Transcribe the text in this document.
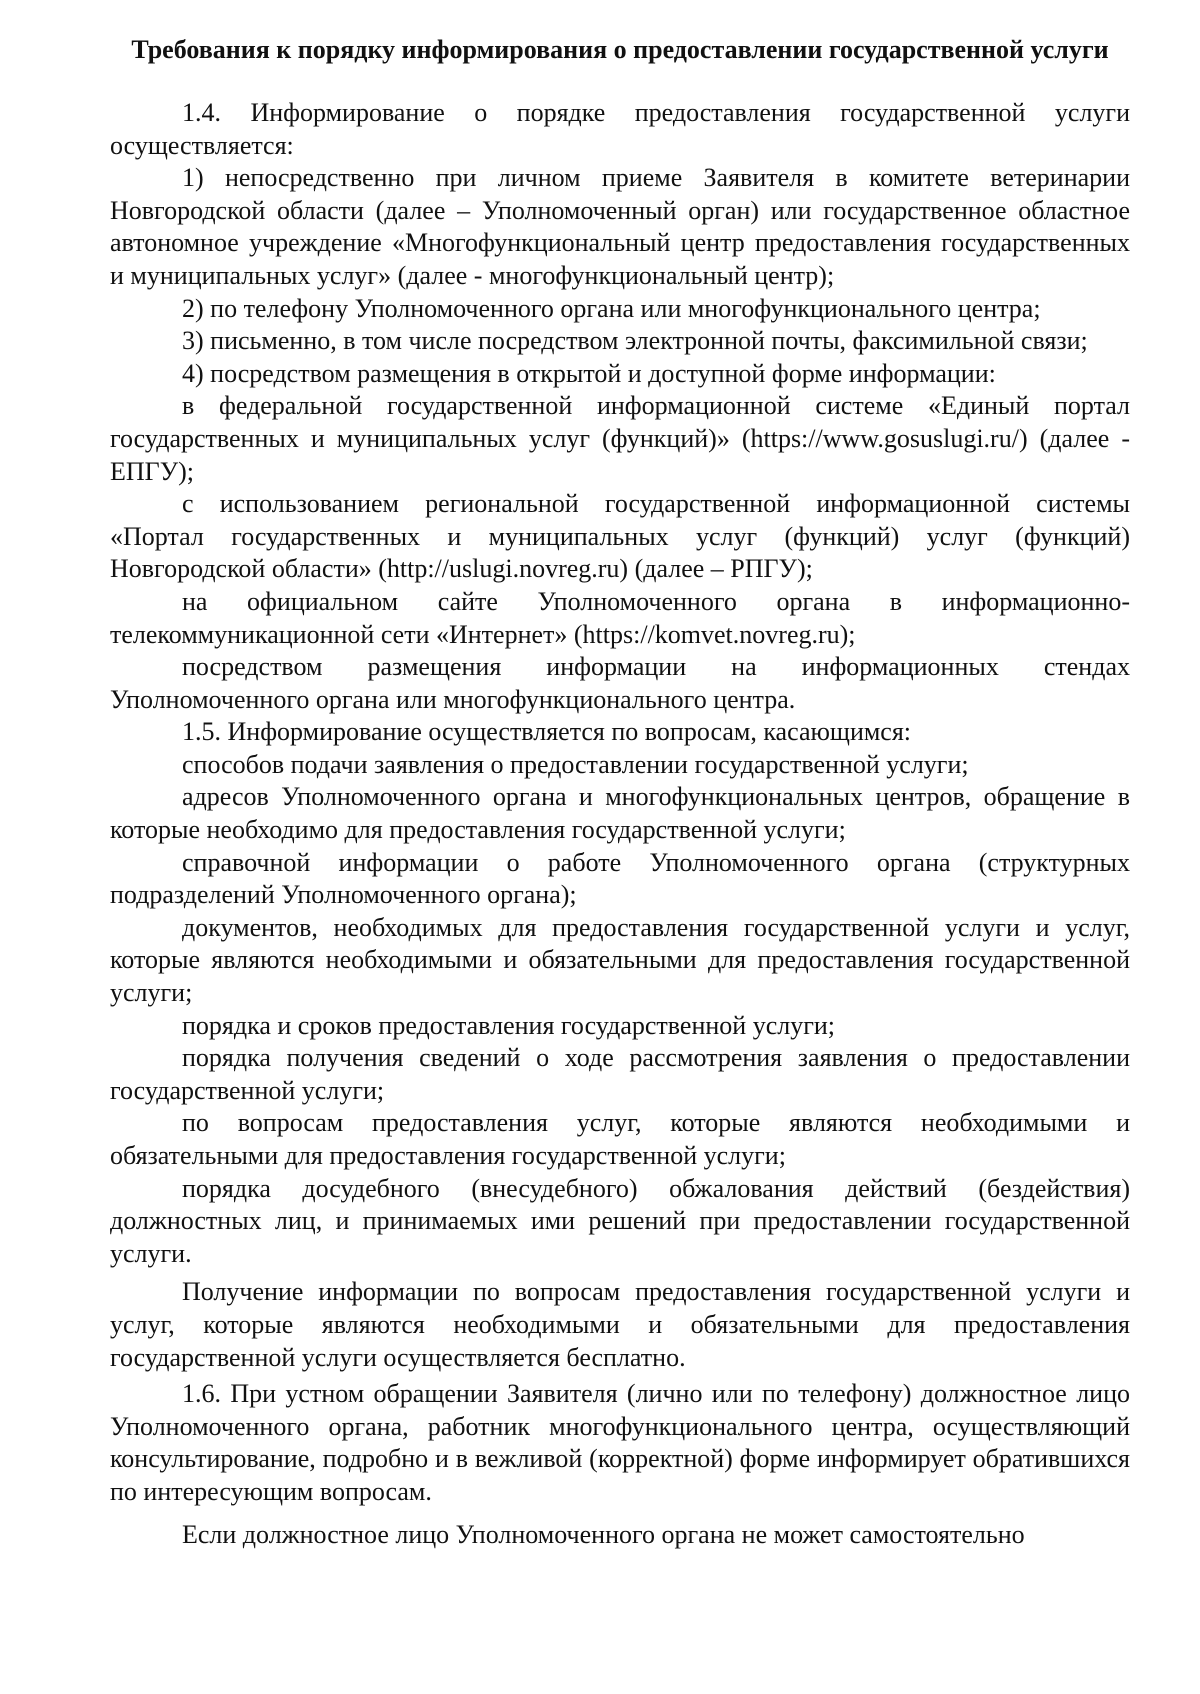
Требования к порядку информирования о предоставлении государственной услуги

1.4. Информирование о порядке предоставления государственной услуги осуществляется:

1) непосредственно при личном приеме Заявителя в комитете ветеринарии Новгородской области (далее – Уполномоченный орган) или государственное областное автономное учреждение «Многофункциональный центр предоставления государственных и муниципальных услуг» (далее - многофункциональный центр);

2) по телефону Уполномоченного органа или многофункционального центра;

3) письменно, в том числе посредством электронной почты, факсимильной связи;

4) посредством размещения в открытой и доступной форме информации:

в федеральной государственной информационной системе «Единый портал государственных и муниципальных услуг (функций)» (https://www.gosuslugi.ru/) (далее - ЕПГУ);

с использованием региональной государственной информационной системы «Портал государственных и муниципальных услуг (функций) услуг (функций) Новгородской области» (http://uslugi.novreg.ru) (далее – РПГУ);

на официальном сайте Уполномоченного органа в информационно-телекоммуникационной сети «Интернет» (https://komvet.novreg.ru);

посредством размещения информации на информационных стендах Уполномоченного органа или многофункционального центра.

1.5. Информирование осуществляется по вопросам, касающимся:

способов подачи заявления о предоставлении государственной услуги;

адресов Уполномоченного органа и многофункциональных центров, обращение в которые необходимо для предоставления государственной услуги;

справочной информации о работе Уполномоченного органа (структурных подразделений Уполномоченного органа);

документов, необходимых для предоставления государственной услуги и услуг, которые являются необходимыми и обязательными для предоставления государственной услуги;

порядка и сроков предоставления государственной услуги;

порядка получения сведений о ходе рассмотрения заявления о предоставлении государственной услуги;

по вопросам предоставления услуг, которые являются необходимыми и обязательными для предоставления государственной услуги;

порядка досудебного (внесудебного) обжалования действий (бездействия) должностных лиц, и принимаемых ими решений при предоставлении государственной услуги.

Получение информации по вопросам предоставления государственной услуги и услуг, которые являются необходимыми и обязательными для предоставления государственной услуги осуществляется бесплатно.

1.6. При устном обращении Заявителя (лично или по телефону) должностное лицо Уполномоченного органа, работник многофункционального центра, осуществляющий консультирование, подробно и в вежливой (корректной) форме информирует обратившихся по интересующим вопросам.

Если должностное лицо Уполномоченного органа не может самостоятельно
